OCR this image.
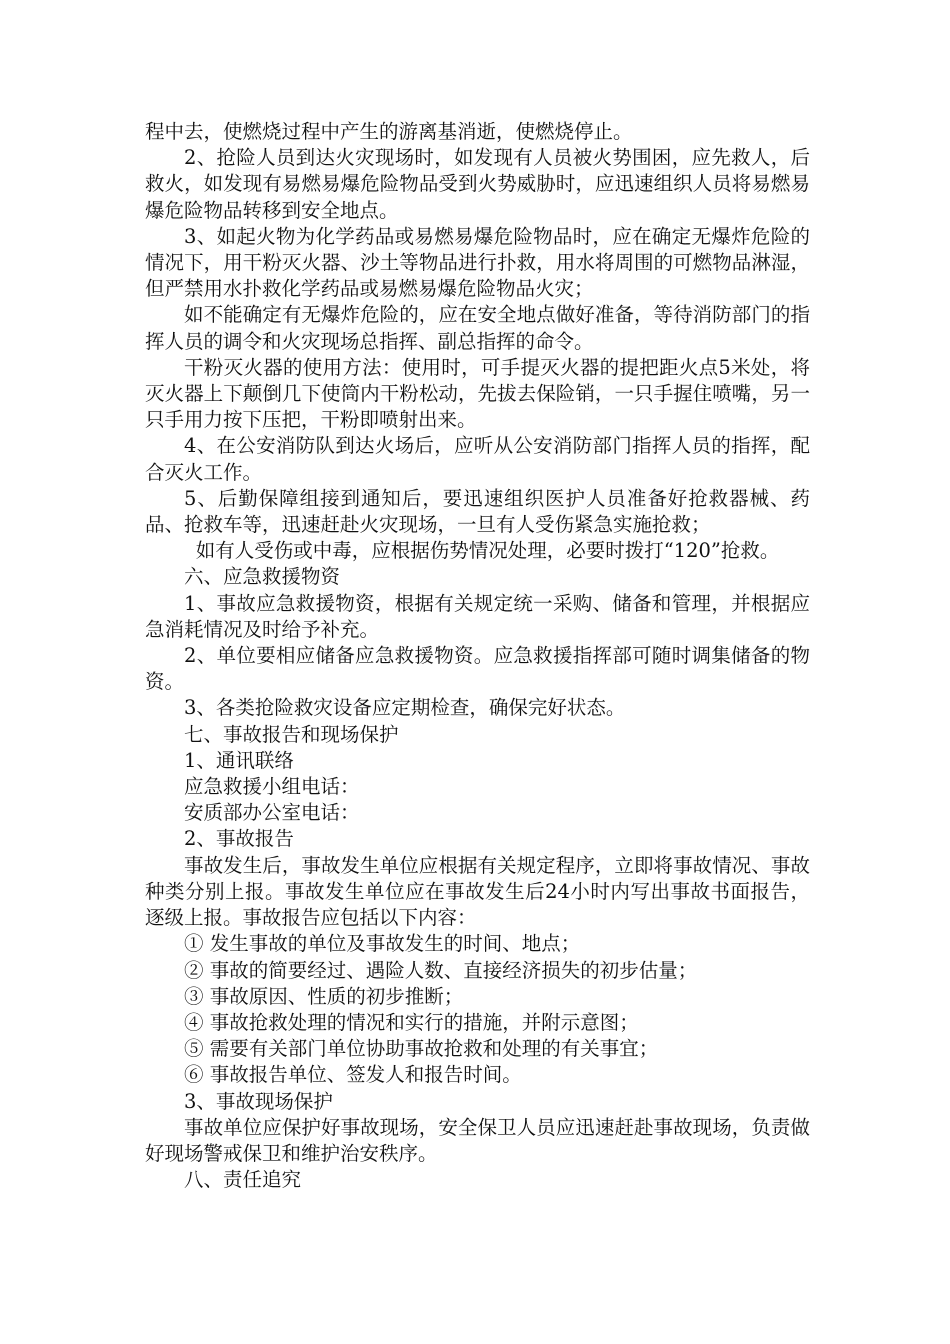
程中去，使燃烧过程中产生的游离基消逝，使燃烧停止。

2、抢险人员到达火灾现场时，如发现有人员被火势围困，应先救人，后救火，如发现有易燃易爆危险物品受到火势威胁时，应迅速组织人员将易燃易爆危险物品转移到安全地点。

3、如起火物为化学药品或易燃易爆危险物品时，应在确定无爆炸危险的情况下，用干粉灭火器、沙土等物品进行扑救，用水将周围的可燃物品淋湿，但严禁用水扑救化学药品或易燃易爆危险物品火灾；

如不能确定有无爆炸危险的，应在安全地点做好准备，等待消防部门的指挥人员的调令和火灾现场总指挥、副总指挥的命令。

干粉灭火器的使用方法：使用时，可手提灭火器的提把距火点5米处，将灭火器上下颠倒几下使筒内干粉松动，先拔去保险销，一只手握住喷嘴，另一只手用力按下压把，干粉即喷射出来。

4、在公安消防队到达火场后，应听从公安消防部门指挥人员的指挥，配合灭火工作。

5、后勤保障组接到通知后，要迅速组织医护人员准备好抢救器械、药品、抢救车等，迅速赶赴火灾现场，一旦有人受伤紧急实施抢救；

如有人受伤或中毒，应根据伤势情况处理，必要时拨打“120”抢救。

六、应急救援物资

1、事故应急救援物资，根据有关规定统一采购、储备和管理，并根据应急消耗情况及时给予补充。

2、单位要相应储备应急救援物资。应急救援指挥部可随时调集储备的物资。

3、各类抢险救灾设备应定期检查，确保完好状态。

七、事故报告和现场保护

1、通讯联络

应急救援小组电话：

安质部办公室电话：

2、事故报告

事故发生后，事故发生单位应根据有关规定程序，立即将事故情况、事故种类分别上报。事故发生单位应在事故发生后24小时内写出事故书面报告，逐级上报。事故报告应包括以下内容：

① 发生事故的单位及事故发生的时间、地点；

② 事故的简要经过、遇险人数、直接经济损失的初步估量；

③ 事故原因、性质的初步推断；

④ 事故抢救处理的情况和实行的措施，并附示意图；

⑤ 需要有关部门单位协助事故抢救和处理的有关事宜；

⑥ 事故报告单位、签发人和报告时间。

3、事故现场保护

事故单位应保护好事故现场，安全保卫人员应迅速赶赴事故现场，负责做好现场警戒保卫和维护治安秩序。

八、责任追究
